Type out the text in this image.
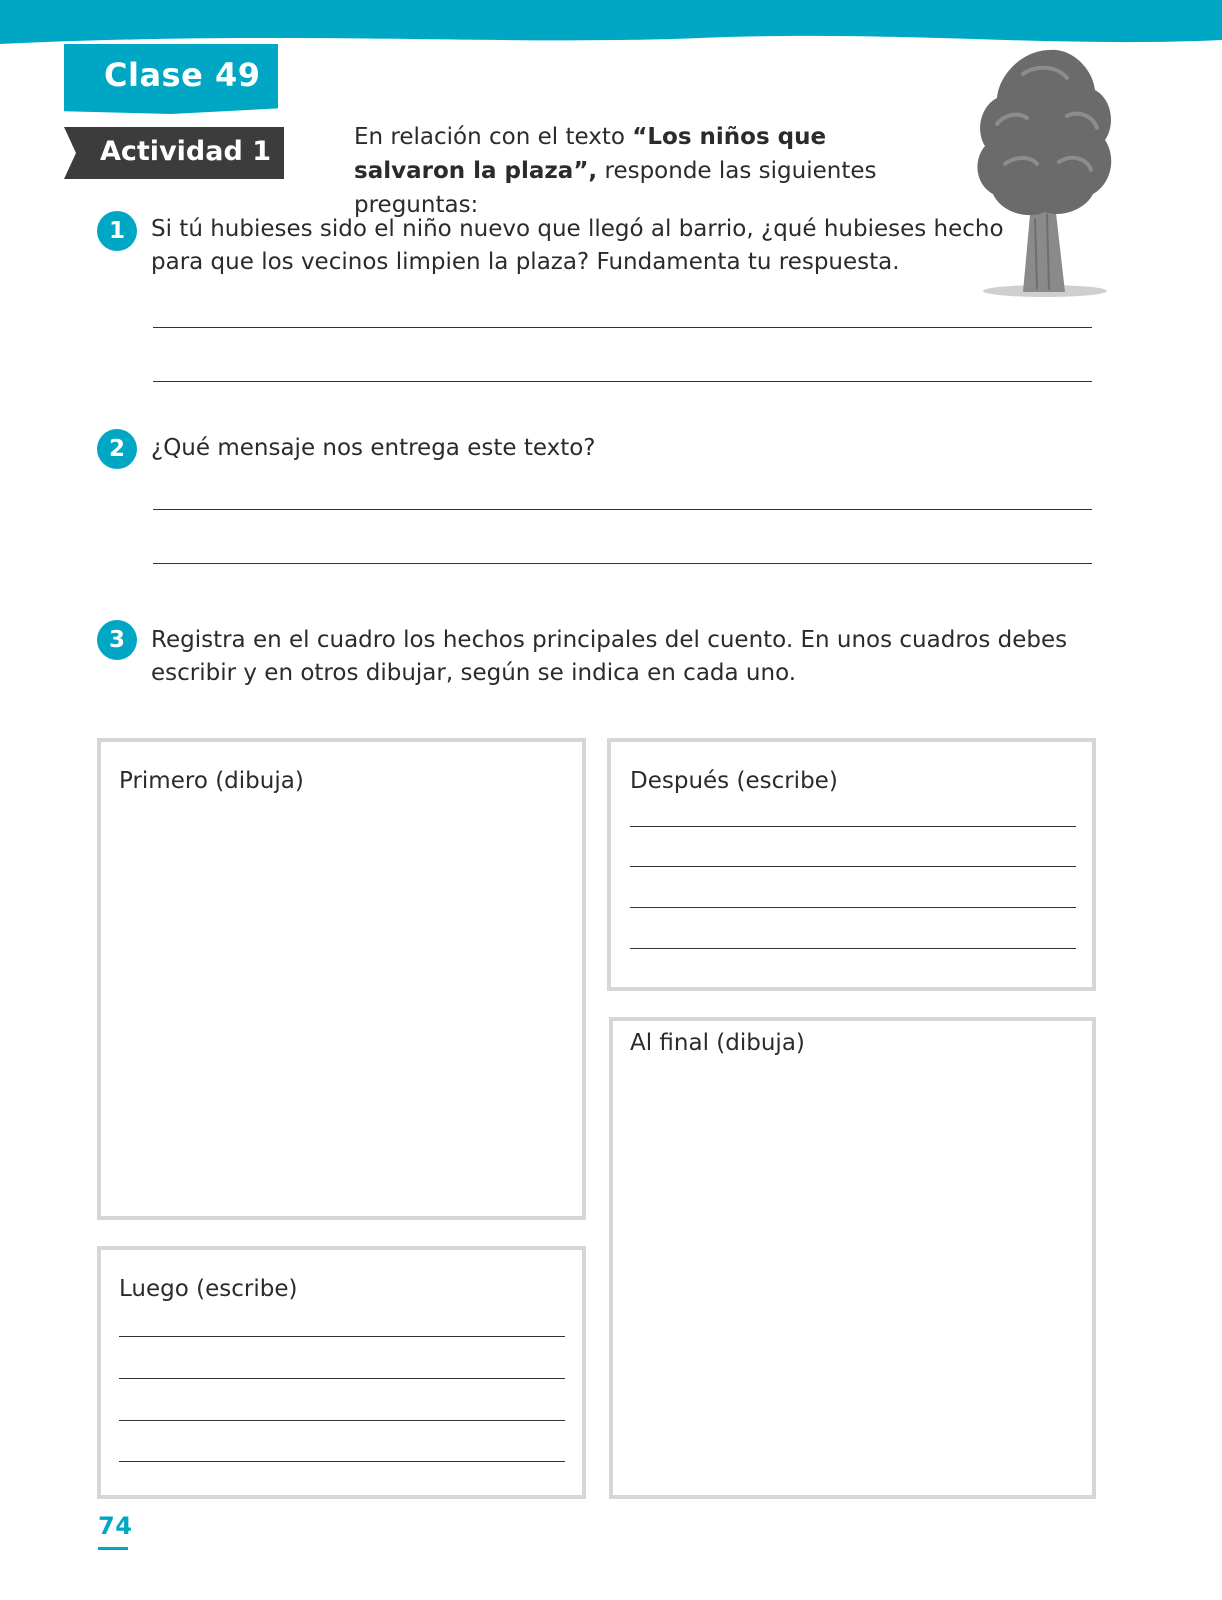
Clase 49
Actividad 1	En relación con el texto “Los niños que salvaron la plaza”, responde las siguientes preguntas:
1	Si tú hubieses sido el niño nuevo que llegó al barrio, ¿qué hubieses hecho
para que los vecinos limpien la plaza? Fundamenta tu respuesta.
2	¿Qué mensaje nos entrega este texto?
3	Registra en el cuadro los hechos principales del cuento. En unos cuadros debes
escribir y en otros dibujar, según se indica en cada uno.
Primero (dibuja)	Después (escribe)
Al final (dibuja)
Luego (escribe)
74
